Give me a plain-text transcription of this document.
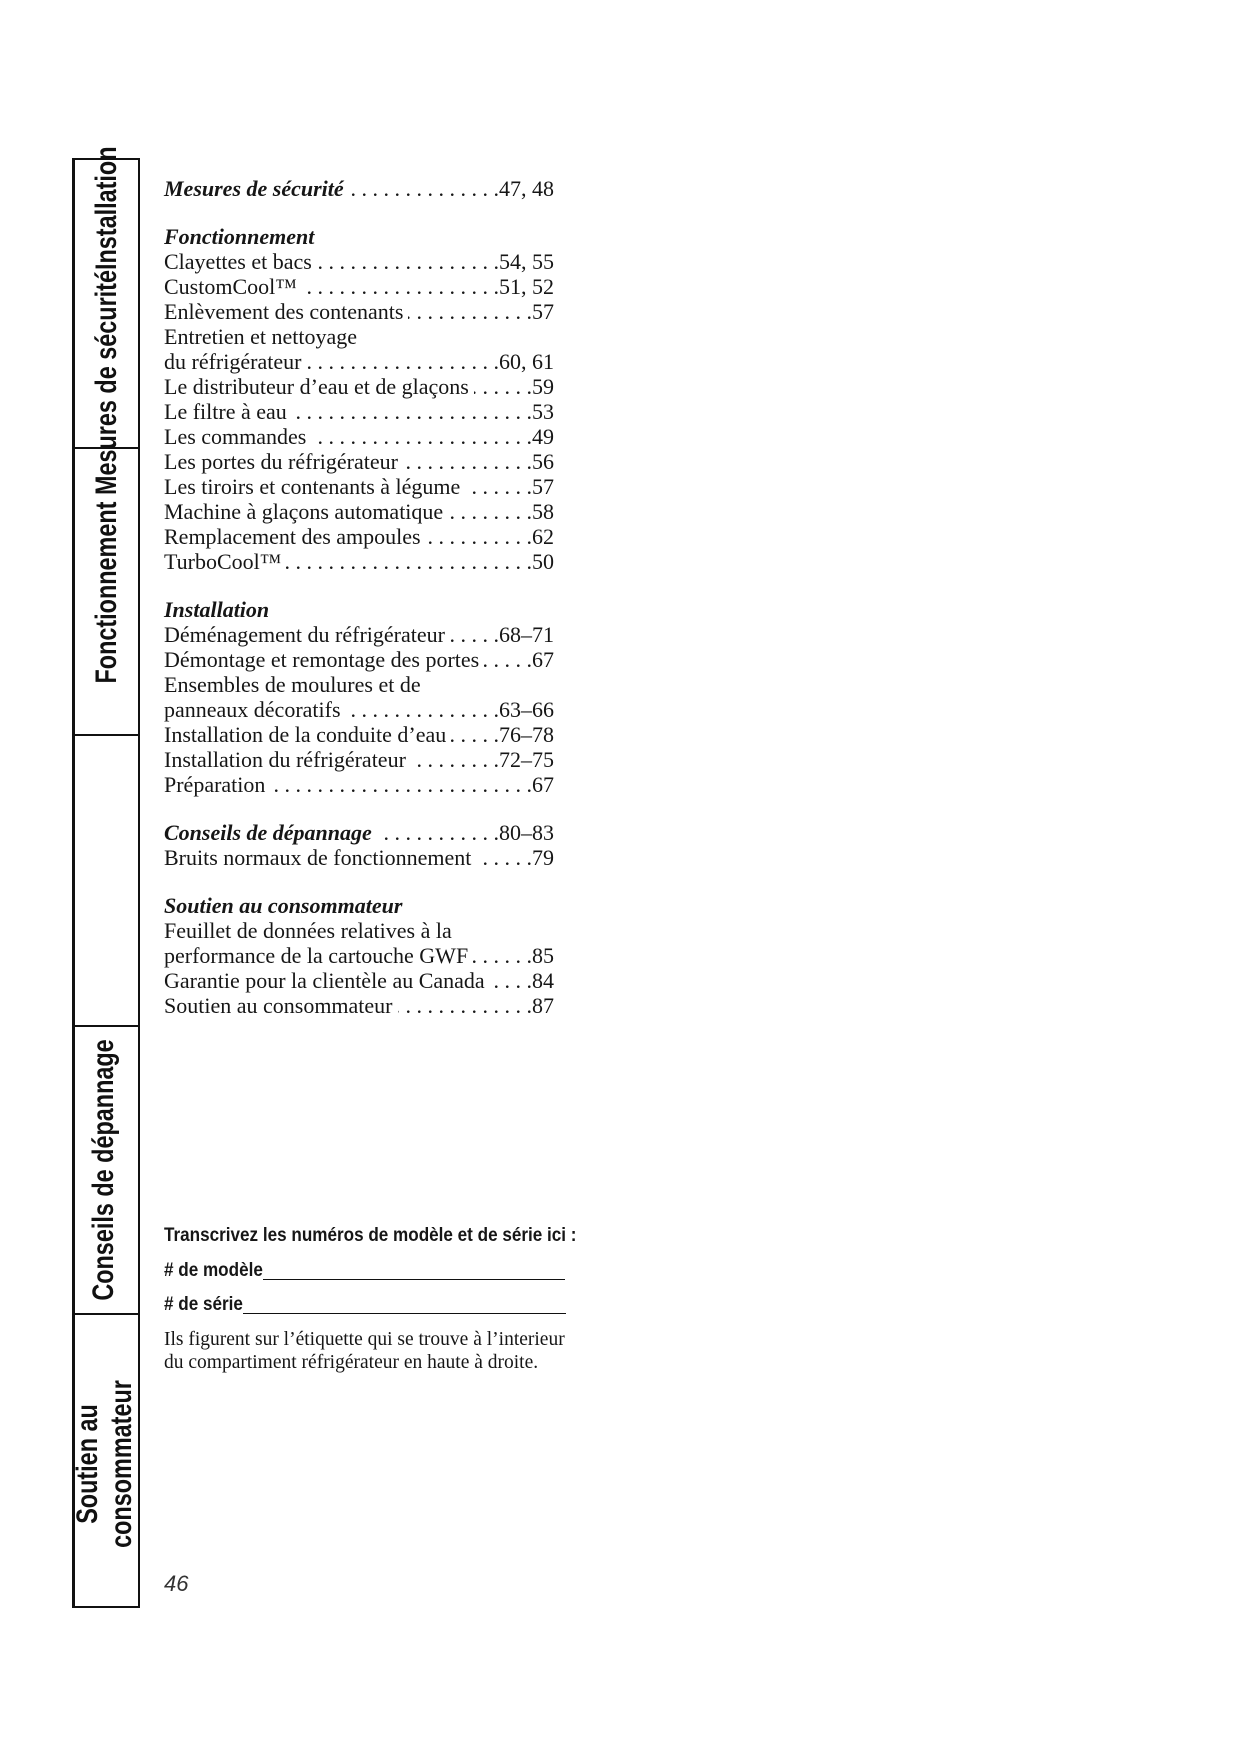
Fonctionnement Mesures de sécuritéInstallation
Conseils de dépannage
Soutien au consommateur
Mesures de sécurité . . .	47, 48
Fonctionnement
Clayettes et bacs . . .	54, 55
CustomCool™ . . .	51, 52
Enlèvement des contenants . . .	57
Entretien et nettoyage
du réfrigérateur . . .	60, 61
Le distributeur d’eau et de glaçons . . .	59
Le filtre à eau . . .	53
Les commandes . . .	49
Les portes du réfrigérateur . . .	56
Les tiroirs et contenants à légume . . .	57
Machine à glaçons automatique . . .	58
Remplacement des ampoules . . .	62
TurboCool™ . . .	50
Installation
Déménagement du réfrigérateur . . . 68–71
Démontage et remontage des portes . . . 67
Ensembles de moulures et de
panneaux décoratifs . . .	63–66
Installation de la conduite d’eau . . . 76–78
Installation du réfrigérateur . . .	72–75
Préparation . . .	67
Conseils de dépannage . . .	80–83
Bruits normaux de fonctionnement . . .	79
Soutien au consommateur
Feuillet de données relatives à la
performance de la cartouche GWF . . .	85
Garantie pour la clientèle au Canada . . . 84
Soutien au consommateur . . .	87
Transcrivez les numéros de modèle et de série ici :
# de modèle
# de série
Ils figurent sur l’étiquette qui se trouve à l’interieur
du compartiment réfrigérateur en haute à droite.
46
